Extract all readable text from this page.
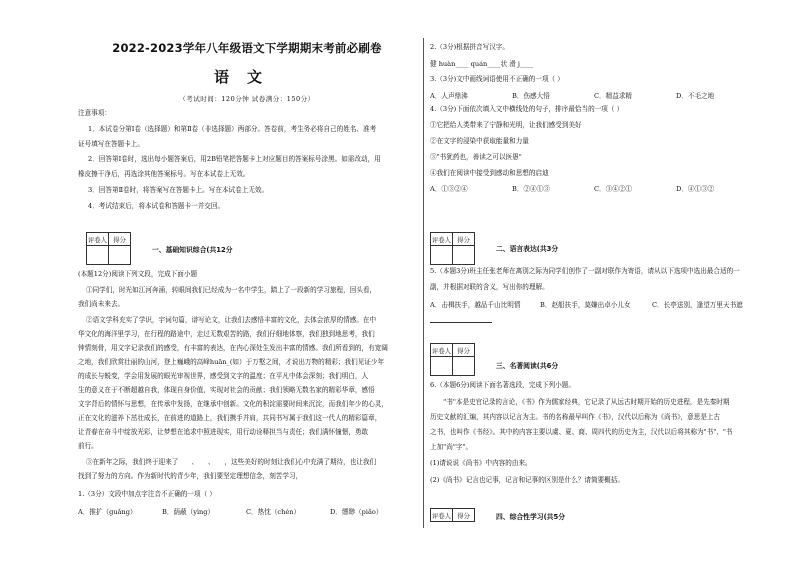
2022-2023学年八年级语文下学期期末考前必刷卷
语文
（考试时间：120分钟 试卷满分：150分）
注意事项：
1．本试卷分第Ⅰ卷（选择题）和第Ⅱ卷（非选择题）两部分。答卷前，考生务必将自己的姓名、准考
证号填写在答题卡上。
2．回答第Ⅰ卷时，选出每小题答案后，用2B铅笔把答题卡上对应题目的答案标号涂黑。如需改动，用
橡皮擦干净后，再选涂其他答案标号。写在本试卷上无效。
3．回答第Ⅱ卷时，将答案写在答题卡上。写在本试卷上无效。
4．考试结束后，将本试卷和答题卡一并交回。
评卷人	得分

一、基础知识综合(共12分
(本题12分)阅读下列文段，完成下面小题
①同学们，时光如江河奔涌，转眼间我们已经成为一名中学生，踏上了一段新的学习旅程，回头看，
我们尚未来去。
②语文学科充实了学识，宇词句篇，谱写论文，让我们去感悟丰富的文化，去体会浓厚的情感。在中
华文化的海洋里学习，在行程的路途中，走过无数艰苦的路，我们仔细地体察，我们独到地思考，我们
钟情刻骨，用文字记录我们的感受，有丰富的表达，在内心深处生发出丰富的情感。我们所看到的，有宽阔
之地，我们欣赏壮丽的山河，登上巍峨的高峰huān_(如）于万壑之间，才说出万物的精彩；我们见证少年
的成长与蜕变，学会用发展的眼光审视世界，感受到文字的温度；在平凡中体会深刻；我们明白，人
生的意义在于不断超越自我，体现自身价值，实现对社会的贡献；我们领略无数名家的精彩华章，感悟
文字背后的情怀与思想，在传承中发扬，在继承中创新。文化的积淀需要时间来沉淀，而我们年少的心灵，
正在文化的滋养下茁壮成长，在前进的道路上，我们携手并肩，共同书写属于我们这一代人的精彩篇章，
让青春在奋斗中绽放光彩，让梦想在追求中照进现实，用行动诠释担当与责任；我们满怀憧憬，勇敢
前行。
③在新年之际，我们终于迎来了　　、　　、　　，这些美好的时刻让我们心中充满了期待，也让我们
找到了努力的方向。作为新时代的青少年，我们要坚定理想信念，刻苦学习，
1.（3分）文段中加点字注音不正确的一项（ ）
A．推扩（guǎng）	B．荫蔽（yìng）	C．热忱（chén）	D．缥缈（piǎo）
2.（3分)根据拼音写汉字。
健 huàn____ quán____状 滑 j____
3.（3分)文中画线词语使用不正确的一项（ ）
A．人声鼎沸	B．伤感大悟	C．精益求精	D．不毛之地
4.（3分)下面依次填入文中横线处的句子，排序最恰当的一项（ ）
①它把给人类带来了宁静和光明，让我们感受到美好
②在文字的浸染中获取能量和力量
③"书犹药也，善读之可以医愚"
④我们在阅读中接受到感动和思想的启迪
A．①③②④	B．②④①③	C．③④②①	D．④①③②
评卷人	得分

二、语言表达(共3分
5.（本题3分)班主任张老师在离别之际为同学们创作了一副对联作为寄语，请从以下选项中选出最合适的一
副，并根据对联的含义，写出你的理解。
A．击楫扶手，越品千山比明情	B．赵船扶手，莫嫌出卓小儿女	C．长亭送别，逢望万里天书遮
评卷人	得分

三、名著阅读(共6分
6.（本题6分)阅读下面名著选段，完成下列小题。
　　"书"本是史官记录的言论，《书》作为儒家经典，它记录了从远古时期开始的历史进程，是先秦时期
历史文献的汇编，其内容以记言为主。书的名称最早叫作《书》，汉代以后称为《尚书》，意思是上古
之书，也叫作《书经》。其中的内容主要以虞、夏、商、周四代的历史为主，汉代以后将其称为"书"、"书
上加"尚"字"。
(1)请说说《尚书》中内容的由来。
(2)《尚书》记言也记事，记言和记事的区别是什么？请简要概括。
评卷人	得分	四、综合性学习(共5分
